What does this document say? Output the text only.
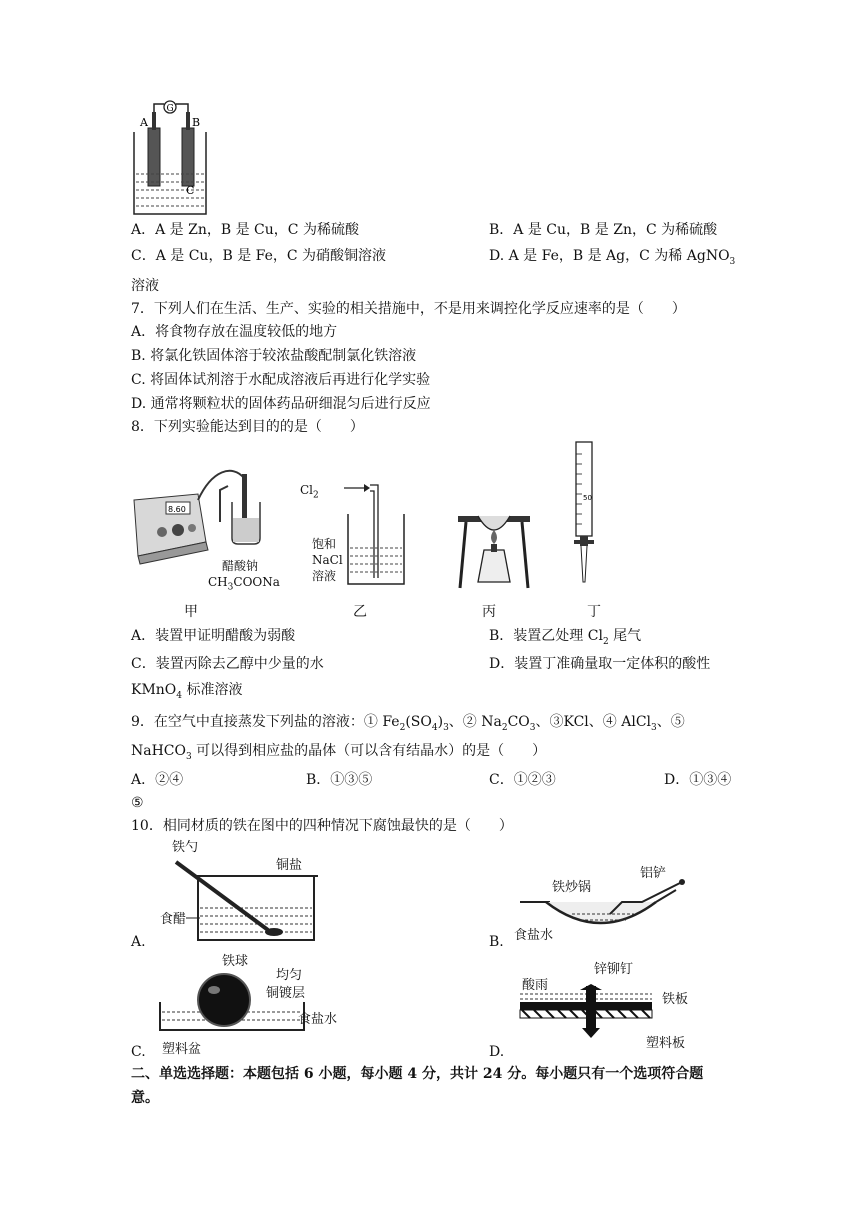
A	B
G
C
A．A 是 Zn，B 是 Cu，C 为稀硫酸	B．A 是 Cu，B 是 Zn，C 为稀硫酸
C．A 是 Cu，B 是 Fe，C 为硝酸铜溶液	D. A 是 Fe，B 是 Ag，C 为稀 AgNO$_3$
溶液
7．下列人们在生活、生产、实验的相关措施中，不是用来调控化学反应速率的是（　　）
A．将食物存放在温度较低的地方
B. 将氯化铁固体溶于较浓盐酸配制氯化铁溶液
C. 将固体试剂溶于水配成溶液后再进行化学实验
D. 通常将颗粒状的固体药品研细混匀后进行反应
8．下列实验能达到目的的是（　　）
8.60
醋酸钠
$CH_3COONa$
$Cl_2$
饱和
NaCl
溶液
50
甲	乙	丙	丁
A．装置甲证明醋酸为弱酸	B．装置乙处理 $Cl_2$ 尾气
C．装置丙除去乙醇中少量的水	D．装置丁准确量取一定体积的酸性
KMnO$_4$ 标准溶液
9．在空气中直接蒸发下列盐的溶液：① $Fe_2(SO_4)_3$、② $Na_2CO_3$、③KCl、④ AlCl$_3$、⑤
NaHCO$_3$ 可以得到相应盐的晶体（可以含有结晶水）的是（　　）
A．②④	B．①③⑤	C．①②③	D．①③④
⑤
10．相同材质的铁在图中的四种情况下腐蚀最快的是（　　）
铁勺
铜盐
食醋
A.
铁炒锅
铝铲
食盐水
B.
铁球
均匀
铜镀层
食盐水
塑料盆
C.
锌铆钉
酸雨
铁板
塑料板
D.
二、单选选择题：本题包括 6 小题，每小题 4 分，共计 24 分。每小题只有一个选项符合题
意。
